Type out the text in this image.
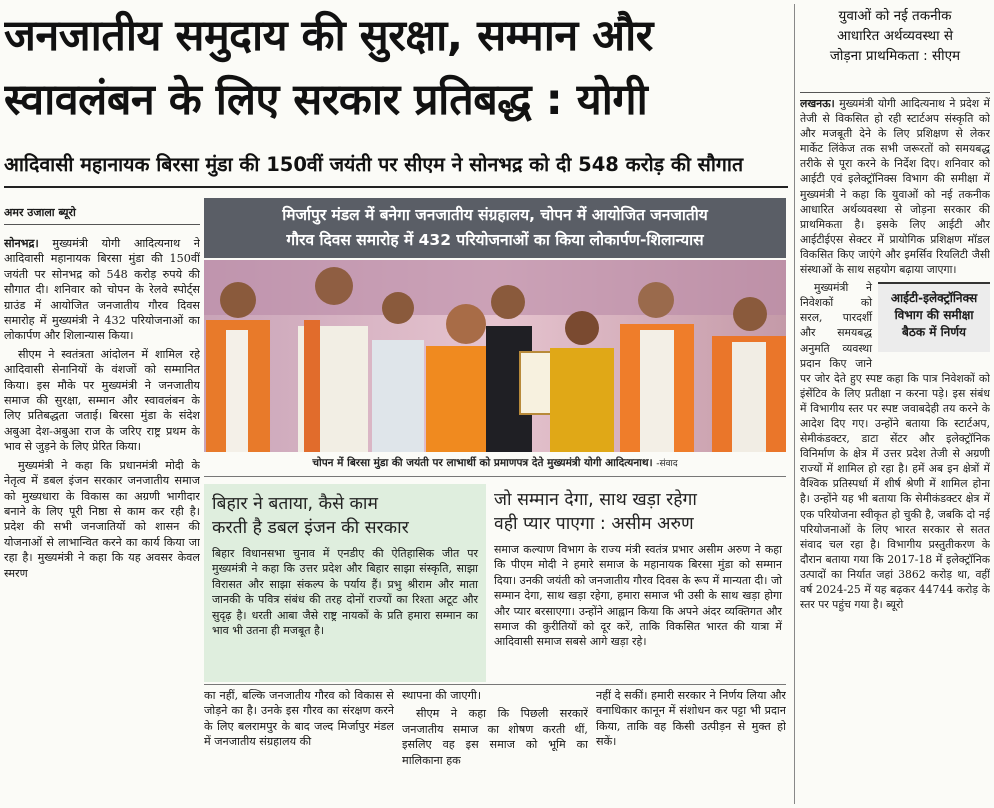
जनजातीय समुदाय की सुरक्षा, सम्मान और
स्वावलंबन के लिए सरकार प्रतिबद्ध : योगी
आदिवासी महानायक बिरसा मुंडा की 150वीं जयंती पर सीएम ने सोनभद्र को दी 548 करोड़ की सौगात
अमर उजाला ब्यूरो

सोनभद्र। मुख्यमंत्री योगी आदित्यनाथ ने आदिवासी महानायक बिरसा मुंडा की 150वीं जयंती पर सोनभद्र को 548 करोड़ रुपये की सौगात दी। शनिवार को चोपन के रेलवे स्पोर्ट्स ग्राउंड में आयोजित जनजातीय गौरव दिवस समारोह में मुख्यमंत्री ने 432 परियोजनाओं का लोकार्पण और शिलान्यास किया।

सीएम ने स्वतंत्रता आंदोलन में शामिल रहे आदिवासी सेनानियों के वंशजों को सम्मानित किया। इस मौके पर मुख्यमंत्री ने जनजातीय समाज की सुरक्षा, सम्मान और स्वावलंबन के लिए प्रतिबद्धता जताई। बिरसा मुंडा के संदेश अबुआ देश-अबुआ राज के जरिए राष्ट्र प्रथम के भाव से जुड़ने के लिए प्रेरित किया।

मुख्यमंत्री ने कहा कि प्रधानमंत्री मोदी के नेतृत्व में डबल इंजन सरकार जनजातीय समाज को मुख्यधारा के विकास का अग्रणी भागीदार बनाने के लिए पूरी निष्ठा से काम कर रही है। प्रदेश की सभी जनजातियों को शासन की योजनाओं से लाभान्वित करने का कार्य किया जा रहा है। मुख्यमंत्री ने कहा कि यह अवसर केवल स्मरण

मिर्जापुर मंडल में बनेगा जनजातीय संग्रहालय, चोपन में आयोजित जनजातीय
गौरव दिवस समारोह में 432 परियोजनाओं का किया लोकार्पण-शिलान्यास
चोपन में बिरसा मुंडा की जयंती पर लाभार्थी को प्रमाणपत्र देते मुख्यमंत्री योगी आदित्यनाथ। -संवाद
बिहार ने बताया, कैसे काम
करती है डबल इंजन की सरकार
बिहार विधानसभा चुनाव में एनडीए की ऐतिहासिक जीत पर मुख्यमंत्री ने कहा कि उत्तर प्रदेश और बिहार साझा संस्कृति, साझा विरासत और साझा संकल्प के पर्याय हैं। प्रभु श्रीराम और माता जानकी के पवित्र संबंध की तरह दोनों राज्यों का रिश्ता अटूट और सुदृढ़ है। धरती आबा जैसे राष्ट्र नायकों के प्रति हमारा सम्मान का भाव भी उतना ही मजबूत है।
जो सम्मान देगा, साथ खड़ा रहेगा
वही प्यार पाएगा : असीम अरुण
समाज कल्याण विभाग के राज्य मंत्री स्वतंत्र प्रभार असीम अरुण ने कहा कि पीएम मोदी ने हमारे समाज के महानायक बिरसा मुंडा को सम्मान दिया। उनकी जयंती को जनजातीय गौरव दिवस के रूप में मान्यता दी। जो सम्मान देगा, साथ खड़ा रहेगा, हमारा समाज भी उसी के साथ खड़ा होगा और प्यार बरसाएगा। उन्होंने आह्वान किया कि अपने अंदर व्यक्तिगत और समाज की कुरीतियों को दूर करें, ताकि विकसित भारत की यात्रा में आदिवासी समाज सबसे आगे खड़ा रहे।

का नहीं, बल्कि जनजातीय गौरव को विकास से जोड़ने का है। उनके इस गौरव का संरक्षण करने के लिए बलरामपुर के बाद जल्द मिर्जापुर मंडल में जनजातीय संग्रहालय की

स्थापना की जाएगी।

सीएम ने कहा कि पिछली सरकारें जनजातीय समाज का शोषण करती थीं, इसलिए वह इस समाज को भूमि का मालिकाना हक

नहीं दे सकीं। हमारी सरकार ने निर्णय लिया और वनाधिकार कानून में संशोधन कर पट्टा भी प्रदान किया, ताकि वह किसी उत्पीड़न से मुक्त हो सकें।

युवाओं को नई तकनीक
आधारित अर्थव्यवस्था से
जोड़ना प्राथमिकता : सीएम

लखनऊ। मुख्यमंत्री योगी आदित्यनाथ ने प्रदेश में तेजी से विकसित हो रही स्टार्टअप संस्कृति को और मजबूती देने के लिए प्रशिक्षण से लेकर मार्केट लिंकेज तक सभी जरूरतों को समयबद्ध तरीके से पूरा करने के निर्देश दिए। शनिवार को आईटी एवं इलेक्ट्रॉनिक्स विभाग की समीक्षा में मुख्यमंत्री ने कहा कि युवाओं को नई तकनीक आधारित अर्थव्यवस्था से जोड़ना सरकार की प्राथमिकता है। इसके लिए आईटी और आईटीईएस सेक्टर में प्रायोगिक प्रशिक्षण मॉडल विकसित किए जाएंगे और इमर्सिव रियलिटी जैसी संस्थाओं के साथ सहयोग बढ़ाया जाएगा।

आईटी-इलेक्ट्रॉनिक्स
विभाग की समीक्षा
बैठक में निर्णय

मुख्यमंत्री ने निवेशकों को सरल, पारदर्शी और समयबद्ध अनुमति व्यवस्था प्रदान किए जाने पर जोर देते हुए स्पष्ट कहा कि पात्र निवेशकों को इंसेंटिव के लिए प्रतीक्षा न करना पड़े। इस संबंध में विभागीय स्तर पर स्पष्ट जवाबदेही तय करने के आदेश दिए गए। उन्होंने बताया कि स्टार्टअप, सेमीकंडक्टर, डाटा सेंटर और इलेक्ट्रॉनिक विनिर्माण के क्षेत्र में उत्तर प्रदेश तेजी से अग्रणी राज्यों में शामिल हो रहा है। हमें अब इन क्षेत्रों में वैश्विक प्रतिस्पर्धा में शीर्ष श्रेणी में शामिल होना है। उन्होंने यह भी बताया कि सेमीकंडक्टर क्षेत्र में एक परियोजना स्वीकृत हो चुकी है, जबकि दो नई परियोजनाओं के लिए भारत सरकार से सतत संवाद चल रहा है। विभागीय प्रस्तुतीकरण के दौरान बताया गया कि 2017-18 में इलेक्ट्रॉनिक उत्पादों का निर्यात जहां 3862 करोड़ था, वहीं वर्ष 2024-25 में यह बढ़कर 44744 करोड़ के स्तर पर पहुंच गया है। ब्यूरो
